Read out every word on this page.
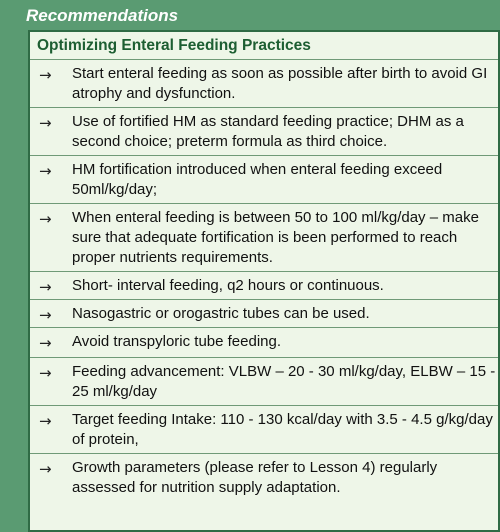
Recommendations
Optimizing Enteral Feeding Practices
→ Start enteral feeding as soon as possible after birth to avoid GI atrophy and dysfunction.
→ Use of fortified HM as standard feeding practice; DHM as a second choice; preterm formula as third choice.
→ HM fortification introduced when enteral feeding exceed 50ml/kg/day;
→ When enteral feeding is between 50 to 100 ml/kg/day – make sure that adequate fortification is been performed to reach proper nutrients requirements.
→ Short- interval feeding, q2 hours or continuous.
→ Nasogastric or orogastric tubes can be used.
→ Avoid transpyloric tube feeding.
→ Feeding advancement: VLBW – 20 - 30 ml/kg/day, ELBW – 15 - 25 ml/kg/day
→ Target feeding Intake: 110 - 130 kcal/day with 3.5 - 4.5 g/kg/day of protein,
→ Growth parameters (please refer to Lesson 4) regularly assessed for nutrition supply adaptation.
